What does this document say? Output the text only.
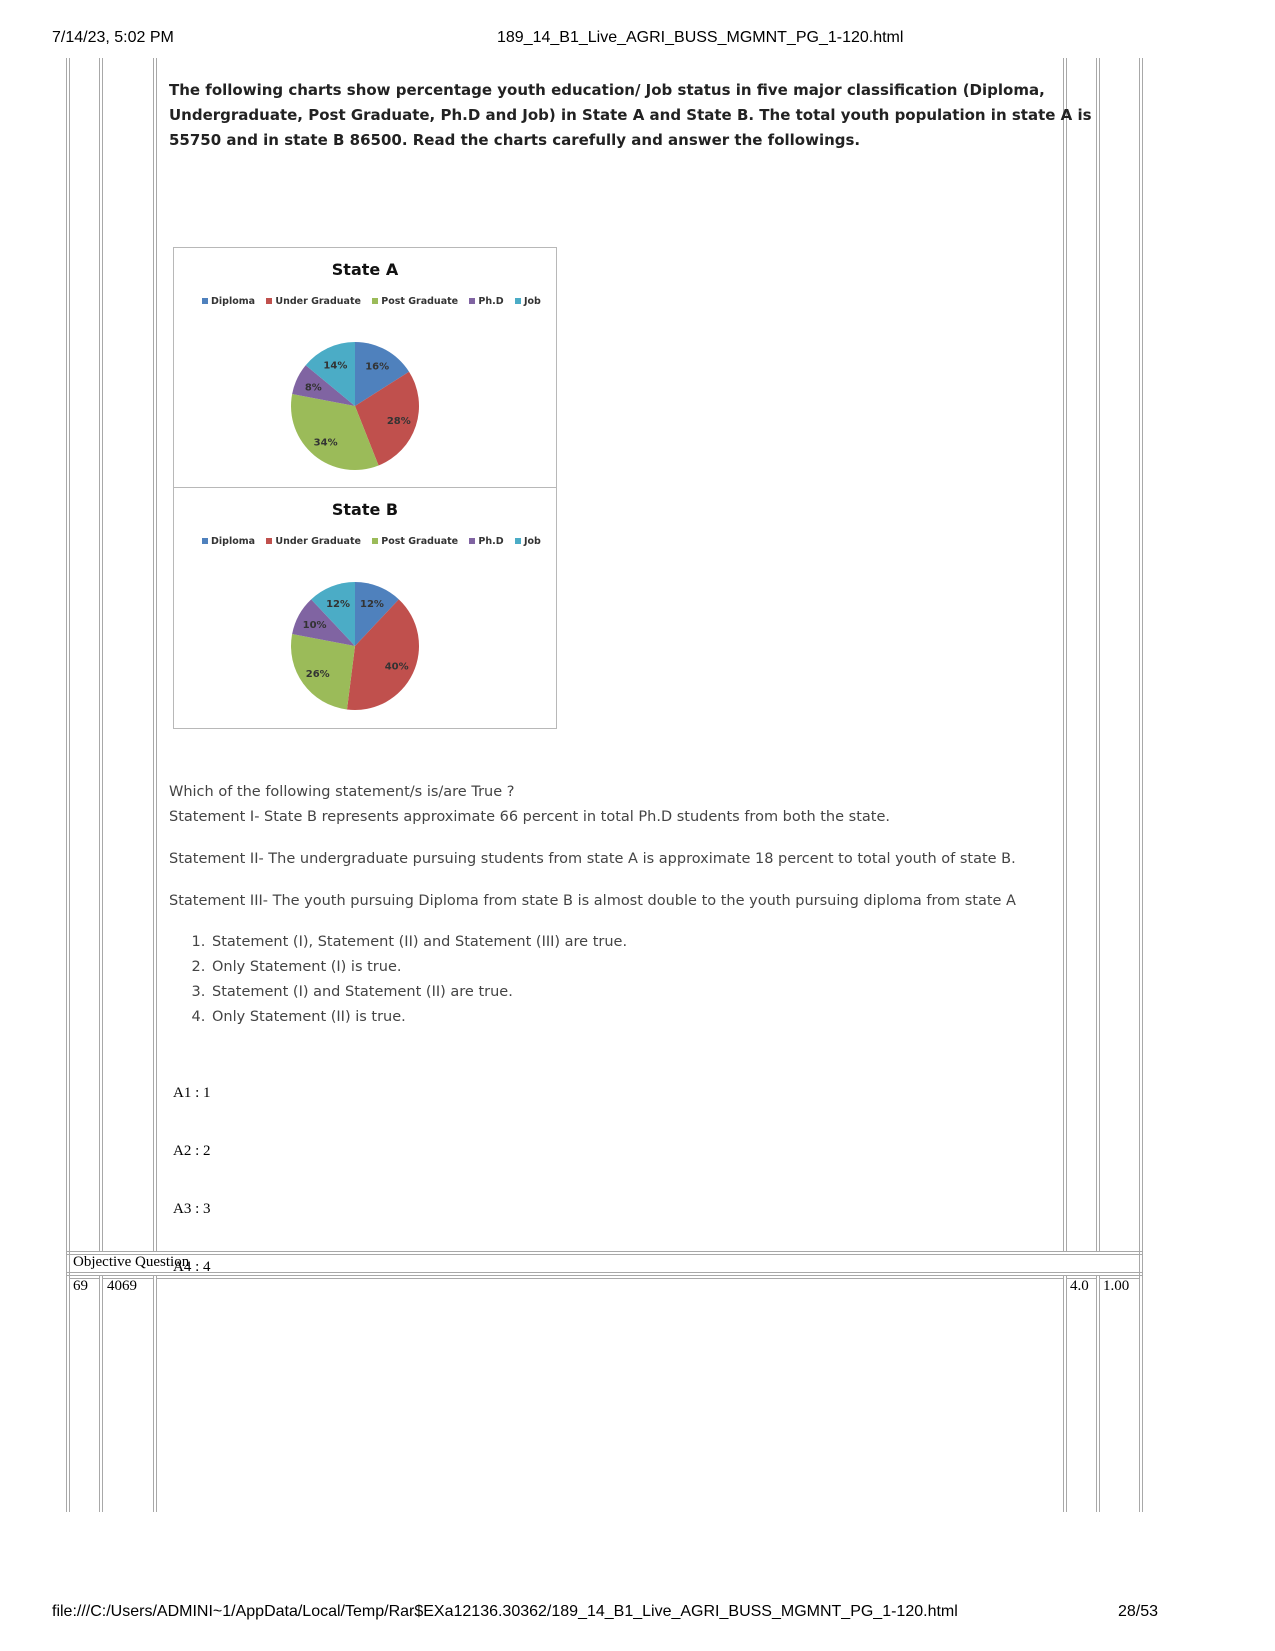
7/14/23, 5:02 PM	189_14_B1_Live_AGRI_BUSS_MGMNT_PG_1-120.html
The following charts show percentage youth education/ Job status in five major classification (Diploma, Undergraduate, Post Graduate, Ph.D and Job) in State A and State B. The total youth population in state A is 55750 and in state B 86500. Read the charts carefully and answer the followings.
State A
Diploma Under Graduate Post Graduate Ph.D Job
16%
28%
34%
8%
14%
State B
Diploma Under Graduate Post Graduate Ph.D Job
12%
40%
26%
10%
12%
Which of the following statement/s is/are True ?
Statement I- State B represents approximate 66 percent in total Ph.D students from both the state.
Statement II- The undergraduate pursuing students from state A is approximate 18 percent to total youth of state B.
Statement III- The youth pursuing Diploma from state B is almost double to the youth pursuing diploma from state A
1. Statement (I), Statement (II) and Statement (III) are true.
2. Only Statement (I) is true.
3. Statement (I) and Statement (II) are true.
4. Only Statement (II) is true.
A1 : 1
A2 : 2
A3 : 3
A4 : 4
Objective Question
69 4069	4.0 1.00
file:///C:/Users/ADMINI~1/AppData/Local/Temp/Rar$EXa12136.30362/189_14_B1_Live_AGRI_BUSS_MGMNT_PG_1-120.html	28/53
